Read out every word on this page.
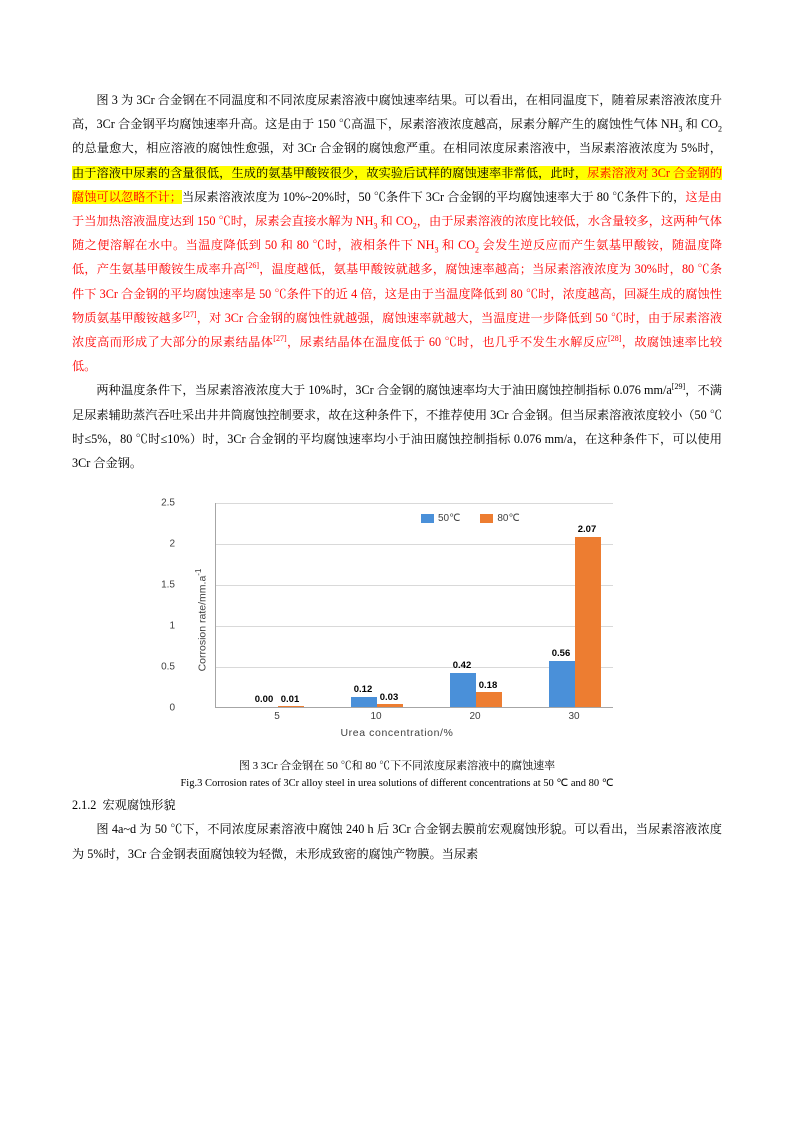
图 3 为 3Cr 合金钢在不同温度和不同浓度尿素溶液中腐蚀速率结果。可以看出，在相同温度下，随着尿素溶液浓度升高，3Cr 合金钢平均腐蚀速率升高。这是由于 150 ℃高温下，尿素溶液浓度越高，尿素分解产生的腐蚀性气体 $NH_3$ 和 $CO_2$ 的总量愈大，相应溶液的腐蚀性愈强，对 3Cr 合金钢的腐蚀愈严重。在相同浓度尿素溶液中，当尿素溶液浓度为 5%时，由于溶液中尿素的含量很低，生成的氨基甲酸铵很少，故实验后试样的腐蚀速率非常低，此时，尿素溶液对 3Cr 合金钢的腐蚀可以忽略不计；当尿素溶液浓度为 10%~20%时，50 ℃条件下 3Cr 合金钢的平均腐蚀速率大于 80 ℃条件下的，这是由于当加热溶液温度达到 150 ℃时，尿素会直接水解为 $NH_3$ 和 $CO_2$，由于尿素溶液的浓度比较低，水含量较多，这两种气体随之便溶解在水中。当温度降低到 50 和 80 ℃时，液相条件下 $NH_3$ 和 $CO_2$ 会发生逆反应而产生氨基甲酸铵，随温度降低，产生氨基甲酸铵生成率升高[26]，温度越低，氨基甲酸铵就越多，腐蚀速率越高；当尿素溶液浓度为 30%时，80 ℃条件下 3Cr 合金钢的平均腐蚀速率是 50 ℃条件下的近 4 倍，这是由于当温度降低到 80 ℃时，浓度越高，回凝生成的腐蚀性物质氨基甲酸铵越多[27]，对 3Cr 合金钢的腐蚀性就越强，腐蚀速率就越大，当温度进一步降低到 50 ℃时，由于尿素溶液浓度高而形成了大部分的尿素结晶体[27]，尿素结晶体在温度低于 60 ℃时，也几乎不发生水解反应[28]，故腐蚀速率比较低。

两种温度条件下，当尿素溶液浓度大于 10%时，3Cr 合金钢的腐蚀速率均大于油田腐蚀控制指标 0.076 mm/a[29]，不满足尿素辅助蒸汽吞吐采出井井筒腐蚀控制要求，故在这种条件下，不推荐使用 3Cr 合金钢。但当尿素溶液浓度较小（50 ℃时≤5%，80 ℃时≤10%）时，3Cr 合金钢的平均腐蚀速率均小于油田腐蚀控制指标 0.076 mm/a，在这种条件下，可以使用 3Cr 合金钢。

Corrosion rate/$mm.a^{-1}$
2.5
2
1.5
1
0.5
0
0.00 0.01
0.12
0.03
0.42
0.18
0.56
2.07
5	10	20	30
Urea concentration/%
50℃	80℃
图 3 3Cr 合金钢在 50 ℃和 80 ℃下不同浓度尿素溶液中的腐蚀速率
Fig.3 Corrosion rates of 3Cr alloy steel in urea solutions of different concentrations at 50 ℃ and 80 ℃
2.1.2 宏观腐蚀形貌

图 4a~d 为 50 ℃下，不同浓度尿素溶液中腐蚀 240 h 后 3Cr 合金钢去膜前宏观腐蚀形貌。可以看出，当尿素溶液浓度为 5%时，3Cr 合金钢表面腐蚀较为轻微，未形成致密的腐蚀产物膜。当尿素
